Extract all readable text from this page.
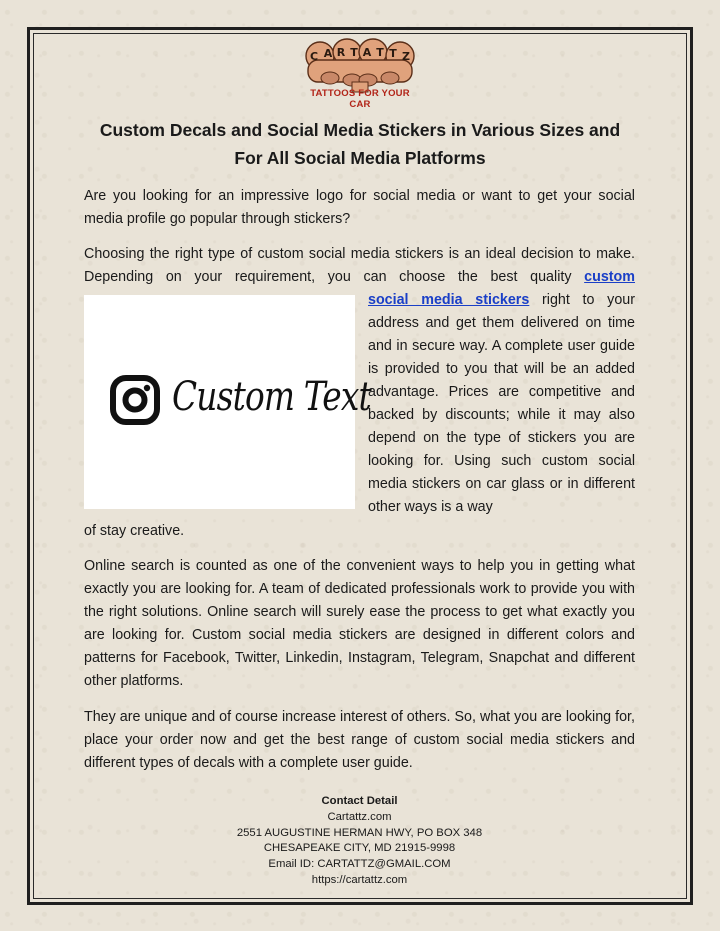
C A R T A T T Z
TATTOOS FOR YOUR CAR
Custom Decals and Social Media Stickers in Various Sizes and
For All Social Media Platforms

Are you looking for an impressive logo for social media or want to get your social media profile go popular through stickers?

Choosing the right type of custom social media stickers is an ideal decision to make. Depending on your requirement, you can choose the best quality custom

social media stickers right to your address and get them delivered on time and in secure way. A complete user guide is provided to you that will be an added advantage. Prices are competitive and backed by discounts; while it may also depend on the type of stickers you are looking for. Using such custom social media stickers on car glass or in different other ways is a way

of stay creative.

Custom Text

Online search is counted as one of the convenient ways to help you in getting what exactly you are looking for. A team of dedicated professionals work to provide you with the right solutions. Online search will surely ease the process to get what exactly you are looking for. Custom social media stickers are designed in different colors and patterns for Facebook, Twitter, Linkedin, Instagram, Telegram, Snapchat and different other platforms.

They are unique and of course increase interest of others. So, what you are looking for, place your order now and get the best range of custom social media stickers and different types of decals with a complete user guide.

Contact Detail
Cartattz.com
2551 AUGUSTINE HERMAN HWY, PO BOX 348
CHESAPEAKE CITY, MD 21915-9998
Email ID: CARTATTZ@GMAIL.COM
https://cartattz.com
